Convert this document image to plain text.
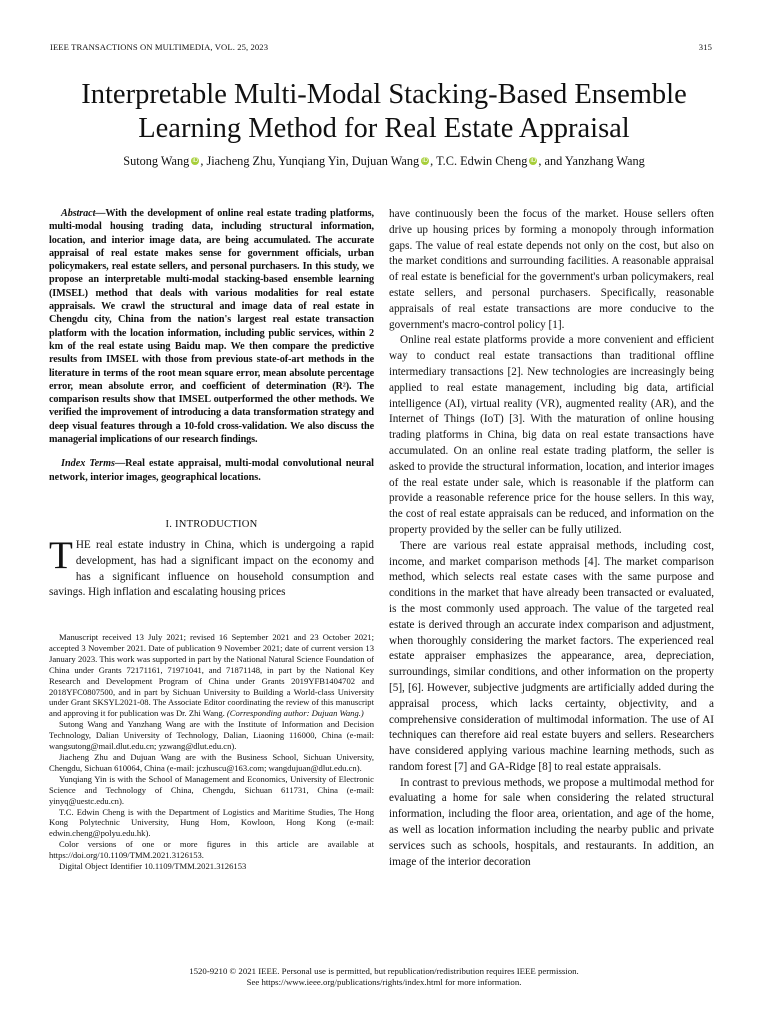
IEEE TRANSACTIONS ON MULTIMEDIA, VOL. 25, 2023	315
Interpretable Multi-Modal Stacking-Based Ensemble
Learning Method for Real Estate Appraisal
Sutong Wang iD , Jiacheng Zhu, Yunqiang Yin, Dujuan Wang iD , T.C. Edwin Cheng iD , and Yanzhang Wang

Abstract—With the development of online real estate trading platforms, multi-modal housing trading data, including structural information, location, and interior image data, are being accumulated. The accurate appraisal of real estate makes sense for government officials, urban policymakers, real estate sellers, and personal purchasers. In this study, we propose an interpretable multi-modal stacking-based ensemble learning (IMSEL) method that deals with various modalities for real estate appraisals. We crawl the structural and image data of real estate in Chengdu city, China from the nation's largest real estate transaction platform with the location information, including public services, within 2 km of the real estate using Baidu map. We then compare the predictive results from IMSEL with those from previous state-of-art methods in the literature in terms of the root mean square error, mean absolute percentage error, mean absolute error, and coefficient of determination (R²). The comparison results show that IMSEL outperformed the other methods. We verified the improvement of introducing a data transformation strategy and deep visual features through a 10-fold cross-validation. We also discuss the managerial implications of our research findings.

Index Terms—Real estate appraisal, multi-modal convolutional neural network, interior images, geographical locations.

I. INTRODUCTION

THE real estate industry in China, which is undergoing a rapid development, has had a significant impact on the economy and has a significant influence on household consumption and savings. High inflation and escalating housing prices

Manuscript received 13 July 2021; revised 16 September 2021 and 23 October 2021; accepted 3 November 2021. Date of publication 9 November 2021; date of current version 13 January 2023. This work was supported in part by the National Natural Science Foundation of China under Grants 72171161, 71971041, and 71871148, in part by the National Key Research and Development Program of China under Grants 2019YFB1404702 and 2018YFC0807500, and in part by Sichuan University to Building a World-class University under Grant SKSYL2021-08. The Associate Editor coordinating the review of this manuscript and approving it for publication was Dr. Zhi Wang. (Corresponding author: Dujuan Wang.)

Sutong Wang and Yanzhang Wang are with the Institute of Information and Decision Technology, Dalian University of Technology, Dalian, Liaoning 116000, China (e-mail: wangsutong@mail.dlut.edu.cn; yzwang@dlut.edu.cn).

Jiacheng Zhu and Dujuan Wang are with the Business School, Sichuan University, Chengdu, Sichuan 610064, China (e-mail: jczhuscu@163.com; wangdujuan@dlut.edu.cn).

Yunqiang Yin is with the School of Management and Economics, University of Electronic Science and Technology of China, Chengdu, Sichuan 611731, China (e-mail: yinyq@uestc.edu.cn).

T.C. Edwin Cheng is with the Department of Logistics and Maritime Studies, The Hong Kong Polytechnic University, Hung Hom, Kowloon, Hong Kong (e-mail: edwin.cheng@polyu.edu.hk).

Color versions of one or more figures in this article are available at https://doi.org/10.1109/TMM.2021.3126153.

Digital Object Identifier 10.1109/TMM.2021.3126153

have continuously been the focus of the market. House sellers often drive up housing prices by forming a monopoly through information gaps. The value of real estate depends not only on the cost, but also on the market conditions and surrounding facilities. A reasonable appraisal of real estate is beneficial for the government's urban policymakers, real estate sellers, and personal purchasers. Specifically, reasonable appraisals of real estate transactions are more conducive to the government's macro-control policy [1].

Online real estate platforms provide a more convenient and efficient way to conduct real estate transactions than traditional offline intermediary transactions [2]. New technologies are increasingly being applied to real estate management, including big data, artificial intelligence (AI), virtual reality (VR), augmented reality (AR), and the Internet of Things (IoT) [3]. With the maturation of online housing trading platforms in China, big data on real estate transactions have accumulated. On an online real estate trading platform, the seller is asked to provide the structural information, location, and interior images of the real estate under sale, which is reasonable if the platform can provide a reasonable reference price for the house sellers. In this way, the cost of real estate appraisals can be reduced, and information on the property provided by the seller can be fully utilized.

There are various real estate appraisal methods, including cost, income, and market comparison methods [4]. The market comparison method, which selects real estate cases with the same purpose and conditions in the market that have already been transacted or evaluated, is the most commonly used approach. The value of the targeted real estate is derived through an accurate index comparison and adjustment, when thoroughly considering the market factors. The experienced real estate appraiser emphasizes the appearance, area, depreciation, surroundings, similar conditions, and other information on the property [5], [6]. However, subjective judgments are artificially added during the appraisal process, which lacks certainty, objectivity, and a comprehensive consideration of multimodal information. The use of AI techniques can therefore aid real estate buyers and sellers. Researchers have considered applying various machine learning methods, such as random forest [7] and GA-Ridge [8] to real estate appraisals.

In contrast to previous methods, we propose a multimodal method for evaluating a home for sale when considering the related structural information, including the floor area, orientation, and age of the home, as well as location information including the nearby public and private services such as schools, hospitals, and restaurants. In addition, an image of the interior decoration

1520-9210 © 2021 IEEE. Personal use is permitted, but republication/redistribution requires IEEE permission.
See https://www.ieee.org/publications/rights/index.html for more information.
